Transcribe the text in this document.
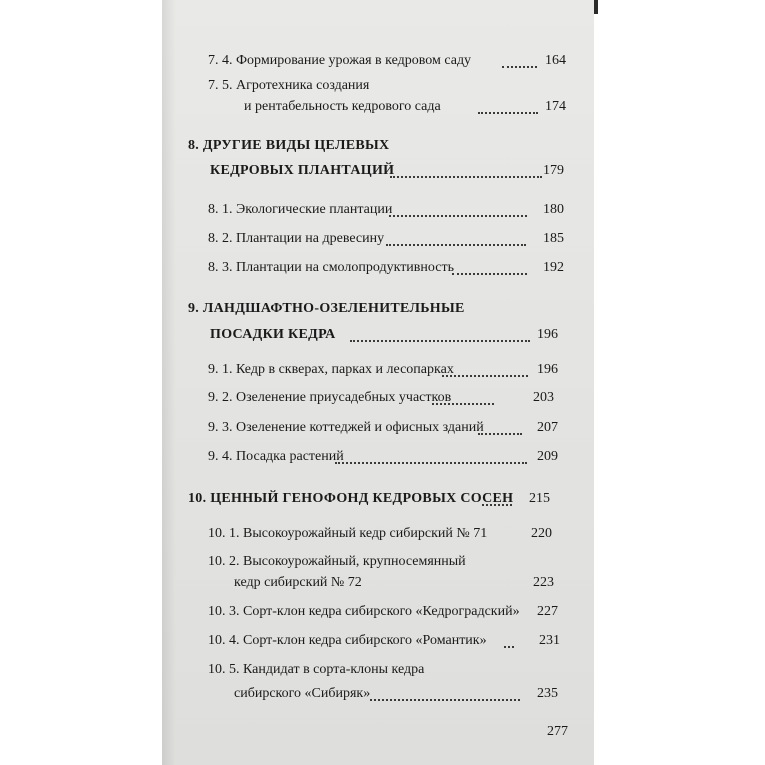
7. 4. Формирование урожая в кедровом саду	164
7. 5. Агротехника создания
и рентабельность кедрового сада	174
8. ДРУГИЕ ВИДЫ ЦЕЛЕВЫХ
КЕДРОВЫХ ПЛАНТАЦИЙ	179
8. 1. Экологические плантации	180
8. 2. Плантации на древесину	185
8. 3. Плантации на смолопродуктивность	192
9. ЛАНДШАФТНО-ОЗЕЛЕНИТЕЛЬНЫЕ
ПОСАДКИ КЕДРА	196
9. 1. Кедр в скверах, парках и лесопарках	196
9. 2. Озеленение приусадебных участков	203
9. 3. Озеленение коттеджей и офисных зданий	207
9. 4. Посадка растений	209
10. ЦЕННЫЙ ГЕНОФОНД КЕДРОВЫХ СОСЕН	215
10. 1. Высокоурожайный кедр сибирский № 71	220
10. 2. Высокоурожайный, крупносемянный
кедр сибирский № 72	223
10. 3. Сорт-клон кедра сибирского «Кедроградский»	227
10. 4. Сорт-клон кедра сибирского «Романтик»	231
10. 5. Кандидат в сорта-клоны кедра
сибирского «Сибиряк»	235
277
